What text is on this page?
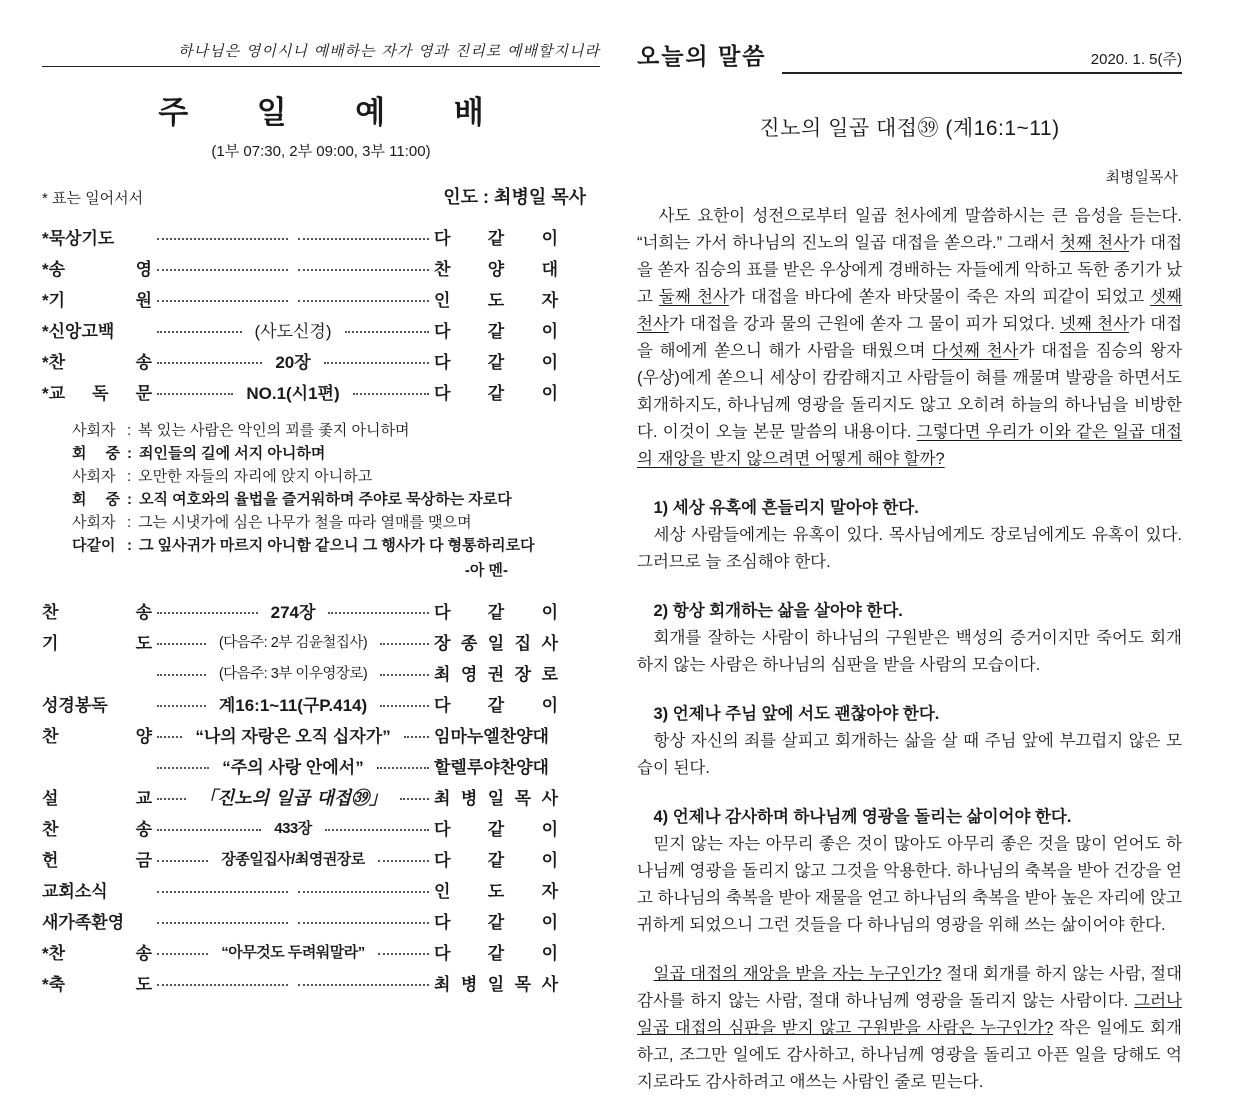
하나님은 영이시니 예배하는 자가 영과 진리로 예배할지니라
주 일 예 배
(1부 07:30, 2부 09:00, 3부 11:00)
* 표는 일어서서	인도 : 최병일 목사
*묵상기도	다 같 이
*송 영	찬 양 대
*기 원	인 도 자
*신앙고백	(사도신경)	다 같 이
*찬 송	20장	다 같 이
*교 독 문	NO.1(시1편)	다 같 이
사회자 : 복 있는 사람은 악인의 꾀를 좇지 아니하며
회 중 : 죄인들의 길에 서지 아니하며
사회자 : 오만한 자들의 자리에 앉지 아니하고
회 중 : 오직 여호와의 율법을 즐거워하며 주야로 묵상하는 자로다
사회자 : 그는 시냇가에 심은 나무가 철을 따라 열매를 맺으며
다같이 : 그 잎사귀가 마르지 아니함 같으니 그 행사가 다 형통하리로다
-아 멘-
찬 송	274장	다 같 이
기 도	(다음주: 2부 김윤철집사)	장 종 일 집 사
(다음주: 3부 이우영장로)	최 영 권 장 로
성경봉독	계16:1~11(구P.414)	다 같 이
찬 양	“나의 자랑은 오직 십자가”	임마누엘찬양대
“주의 사랑 안에서”	할렐루야찬양대
설 교	「진노의 일곱 대접㊴」	최 병 일 목 사
찬 송	433장	다 같 이
헌 금	장종일집사/최영권장로	다 같 이
교회소식	인 도 자
새가족환영	다 같 이
*찬 송	“아무것도 두려워말라”	다 같 이
*축 도	최 병 일 목 사
오늘의 말씀	2020. 1. 5(주)
진노의 일곱 대접㊴ (계16:1~11)
최병일목사

사도 요한이 성전으로부터 일곱 천사에게 말씀하시는 큰 음성을 듣는다. “너희는 가서 하나님의 진노의 일곱 대접을 쏟으라.” 그래서 첫째 천사가 대접을 쏟자 짐승의 표를 받은 우상에게 경배하는 자들에게 악하고 독한 종기가 났고 둘째 천사가 대접을 바다에 쏟자 바닷물이 죽은 자의 피같이 되었고 셋째 천사가 대접을 강과 물의 근원에 쏟자 그 물이 피가 되었다. 넷째 천사가 대접을 해에게 쏟으니 해가 사람을 태웠으며 다섯째 천사가 대접을 짐승의 왕자(우상)에게 쏟으니 세상이 캄캄해지고 사람들이 혀를 깨물며 발광을 하면서도 회개하지도, 하나님께 영광을 돌리지도 않고 오히려 하늘의 하나님을 비방한다. 이것이 오늘 본문 말씀의 내용이다. 그렇다면 우리가 이와 같은 일곱 대접의 재앙을 받지 않으려면 어떻게 해야 할까?

1) 세상 유혹에 흔들리지 말아야 한다.
세상 사람들에게는 유혹이 있다. 목사님에게도 장로님에게도 유혹이 있다. 그러므로 늘 조심해야 한다.
2) 항상 회개하는 삶을 살아야 한다.
회개를 잘하는 사람이 하나님의 구원받은 백성의 증거이지만 죽어도 회개하지 않는 사람은 하나님의 심판을 받을 사람의 모습이다.
3) 언제나 주님 앞에 서도 괜찮아야 한다.
항상 자신의 죄를 살피고 회개하는 삶을 살 때 주님 앞에 부끄럽지 않은 모습이 된다.
4) 언제나 감사하며 하나님께 영광을 돌리는 삶이어야 한다.
믿지 않는 자는 아무리 좋은 것이 많아도 아무리 좋은 것을 많이 얻어도 하나님께 영광을 돌리지 않고 그것을 악용한다. 하나님의 축복을 받아 건강을 얻고 하나님의 축복을 받아 재물을 얻고 하나님의 축복을 받아 높은 자리에 앉고 귀하게 되었으니 그런 것들을 다 하나님의 영광을 위해 쓰는 삶이어야 한다.

일곱 대접의 재앙을 받을 자는 누구인가? 절대 회개를 하지 않는 사람, 절대 감사를 하지 않는 사람, 절대 하나님께 영광을 돌리지 않는 사람이다. 그러나 일곱 대접의 심판을 받지 않고 구원받을 사람은 누구인가? 작은 일에도 회개하고, 조그만 일에도 감사하고, 하나님께 영광을 돌리고 아픈 일을 당해도 억지로라도 감사하려고 애쓰는 사람인 줄로 믿는다.
